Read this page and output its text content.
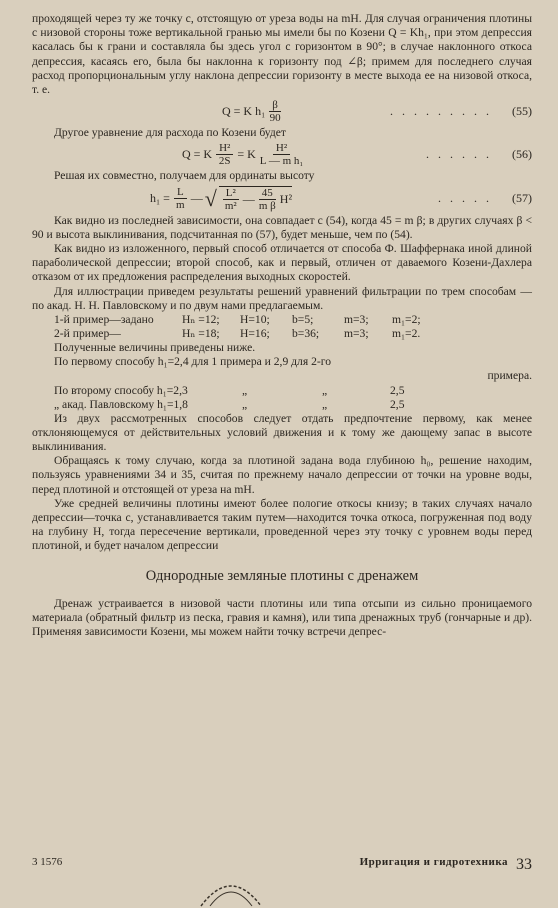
проходящей через ту же точку с, отстоящую от уреза воды на mH. Для случая ограничения плотины с низовой стороны тоже вертикальной гранью мы имели бы по Козени Q = Kh₁, при этом депрессия касалась бы к грани и составляла бы здесь угол с горизонтом в 90°; в случае наклонного откоса депрессия, касаясь его, была бы наклонна к горизонту под ∠β; примем для последнего случая расход пропорциональным углу наклона депрессии горизонту в месте выхода ее на низовой откоса, т. е.

Q = K $h_1 \frac{\beta}{90}$	. . . . . . . . .	(55)

Другое уравнение для расхода по Козени будет

Q = K $\frac{\text{H²}}{2S} = K \frac{\text{H²}}{\text{L — m h₁}}$	. . . . . .	(56)

Решая их совместно, получаем для ординаты высоту

$h_1 = \frac{L}{m}$ — √ $\frac{\text{L²}}{\text{m²}}$ — $\frac{45}{\text{m β}} H^2$	. . . . .	(57)

Как видно из последней зависимости, она совпадает с (54), когда 45 = m β; в других случаях β < 90 и высота выклинивания, подсчитанная по (57), будет меньше, чем по (54).

Как видно из изложенного, первый способ отличается от способа Ф. Шаффернака иной длиной параболической депрессии; второй способ, как и первый, отличен от даваемого Козени-Дахлера отказом от их предложения распределения выходных скоростей.

Для иллюстрации приведем результаты решений уравнений фильтрации по трем способам — по акад. Н. Н. Павловскому и по двум нами предлагаемым.

1-й пример—задано	Hₙ =12;	H=10;	b=5;	m=3;	m₁=2;
2-й пример—	Hₙ =18;	H=16;	b=36;	m=3;	m₁=2.

Полученные величины приведены ниже.

По первому способу h₁=2,4 для 1 примера и 2,9 для 2-го

примера.

По второму способу h₁=2,3	„	„	2,5
„ акад. Павловскому h₁=1,8	„	„	2,5

Из двух рассмотренных способов следует отдать предпочтение первому, как менее отклоняющемуся от действительных условий движения и к тому же дающему запас в высоте выклинивания.

Обращаясь к тому случаю, когда за плотиной задана вода глубиною h₀, решение находим, пользуясь уравнениями 34 и 35, считая по прежнему начало депрессии от точки на уровне воды, перед плотиной и отстоящей от уреза на mH.

Уже средней величины плотины имеют более пологие откосы книзу; в таких случаях начало депрессии—точка с, устанавливается таким путем—находится точка откоса, погруженная под воду на глубину H, тогда пересечение вертикали, проведенной через эту точку с уровнем воды перед плотиной, и будет началом депрессии

Однородные земляные плотины с дренажем

Дренаж устраивается в низовой части плотины или типа отсыпи из сильно проницаемого материала (обратный фильтр из песка, гравия и камня), или типа дренажных труб (гончарные и др). Применяя зависимости Козени, мы можем найти точку встречи депрес-

3 1576	Ирригация и гидротехника 33
